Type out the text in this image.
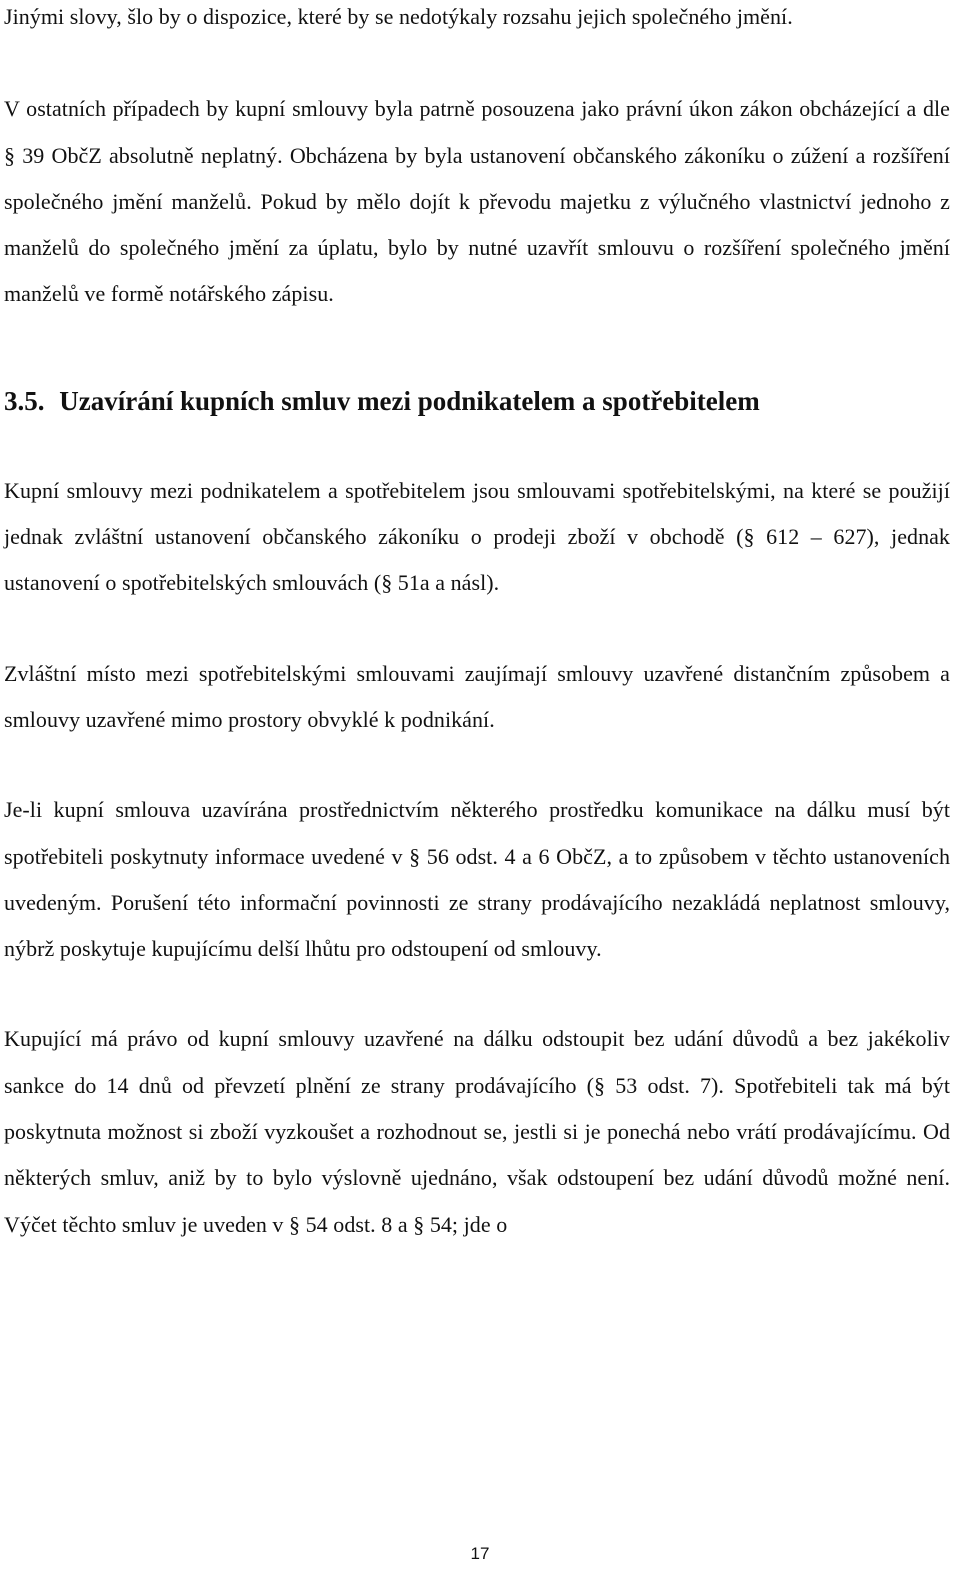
Jinými slovy, šlo by o dispozice, které by se nedotýkaly rozsahu jejich společného jmění.

V ostatních případech by kupní smlouvy byla patrně posouzena jako právní úkon zákon obcházející a dle § 39 ObčZ absolutně neplatný. Obcházena by byla ustanovení občanského zákoníku o zúžení a rozšíření společného jmění manželů. Pokud by mělo dojít k převodu majetku z výlučného vlastnictví jednoho z manželů do společného jmění za úplatu, bylo by nutné uzavřít smlouvu o rozšíření společného jmění manželů ve formě notářského zápisu.

3.5. Uzavírání kupních smluv mezi podnikatelem a spotřebitelem

Kupní smlouvy mezi podnikatelem a spotřebitelem jsou smlouvami spotřebitelskými, na které se použijí jednak zvláštní ustanovení občanského zákoníku o prodeji zboží v obchodě (§ 612 – 627), jednak ustanovení o spotřebitelských smlouvách (§ 51a a násl).

Zvláštní místo mezi spotřebitelskými smlouvami zaujímají smlouvy uzavřené distančním způsobem a smlouvy uzavřené mimo prostory obvyklé k podnikání.

Je-li kupní smlouva uzavírána prostřednictvím některého prostředku komunikace na dálku musí být spotřebiteli poskytnuty informace uvedené v § 56 odst. 4 a 6 ObčZ, a to způsobem v těchto ustanoveních uvedeným. Porušení této informační povinnosti ze strany prodávajícího nezakládá neplatnost smlouvy, nýbrž poskytuje kupujícímu delší lhůtu pro odstoupení od smlouvy.

Kupující má právo od kupní smlouvy uzavřené na dálku odstoupit bez udání důvodů a bez jakékoliv sankce do 14 dnů od převzetí plnění ze strany prodávajícího (§ 53 odst. 7). Spotřebiteli tak má být poskytnuta možnost si zboží vyzkoušet a rozhodnout se, jestli si je ponechá nebo vrátí prodávajícímu. Od některých smluv, aniž by to bylo výslovně ujednáno, však odstoupení bez udání důvodů možné není. Výčet těchto smluv je uveden v § 54 odst. 8 a § 54; jde o

17
